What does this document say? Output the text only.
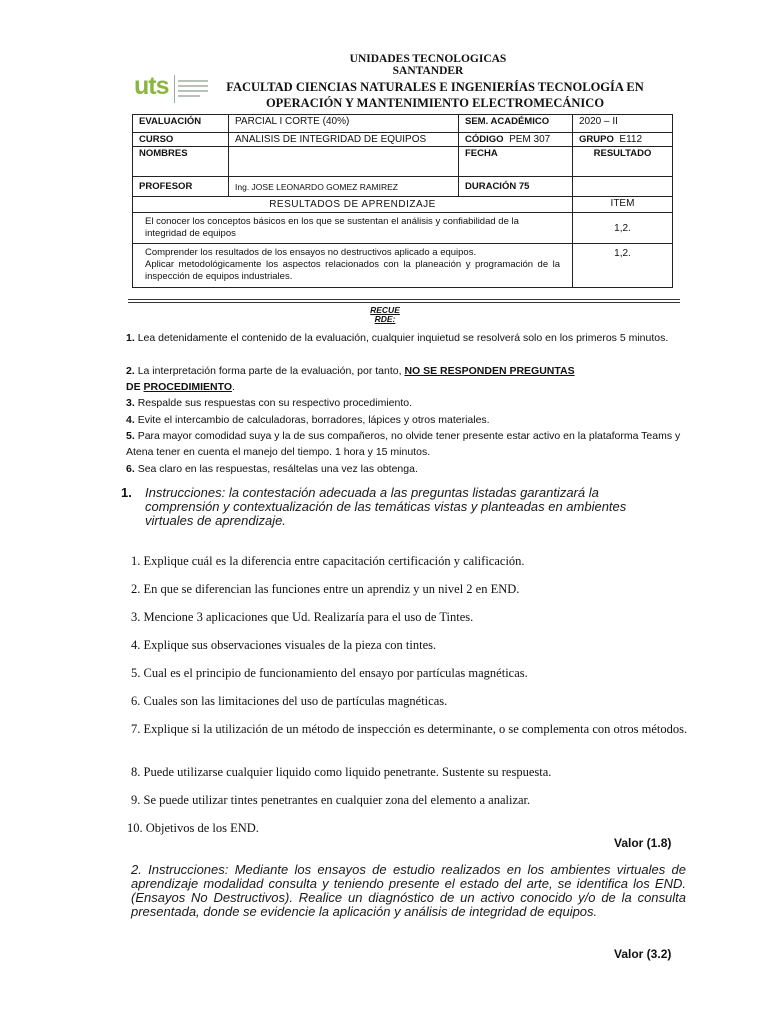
UNIDADES TECNOLOGICAS
SANTANDER
FACULTAD CIENCIAS NATURALES E INGENIERÍAS TECNOLOGÍA EN
OPERACIÓN Y MANTENIMIENTO ELECTROMECÁNICO
uts
EVALUACIÓN	PARCIAL I CORTE (40%)	SEM. ACADÉMICO	2020 – II
CURSO	ANALISIS DE INTEGRIDAD DE EQUIPOS	CÓDIGO PEM 307	GRUPO E112
NOMBRES		FECHA	RESULTADO
PROFESOR	Ing. JOSE LEONARDO GOMEZ RAMIREZ	DURACIÓN 75	
RESULTADOS DE APRENDIZAJE			ITEM
El conocer los conceptos básicos en los que se sustentan el análisis y confiabilidad de la integridad de equipos			1,2.

Comprender los resultados de los ensayos no destructivos aplicado a equipos.
Aplicar metodológicamente los aspectos relacionados con la planeación y programación de la inspección de equipos industriales.			1,2.
RECUE
RDE:
1. Lea detenidamente el contenido de la evaluación, cualquier inquietud se resolverá solo en los primeros 5 minutos.
2. La interpretación forma parte de la evaluación, por tanto, NO SE RESPONDEN PREGUNTAS
DE PROCEDIMIENTO.
3. Respalde sus respuestas con su respectivo procedimiento.
4. Evite el intercambio de calculadoras, borradores, lápices y otros materiales.
5. Para mayor comodidad suya y la de sus compañeros, no olvide tener presente estar activo en la plataforma Teams y Atena tener en cuenta el manejo del tiempo. 1 hora y 15 minutos.
6. Sea claro en las respuestas, resáltelas una vez las obtenga.
1. Instrucciones: la contestación adecuada a las preguntas listadas garantizará la comprensión y contextualización de las temáticas vistas y planteadas en ambientes virtuales de aprendizaje.
1. Explique cuál es la diferencia entre capacitación certificación y calificación.
2. En que se diferencian las funciones entre un aprendiz y un nivel 2 en END.
3. Mencione 3 aplicaciones que Ud. Realizaría para el uso de Tintes.
4. Explique sus observaciones visuales de la pieza con tintes.
5. Cual es el principio de funcionamiento del ensayo por partículas magnéticas.
6. Cuales son las limitaciones del uso de partículas magnéticas.
7. Explique si la utilización de un método de inspección es determinante, o se complementa con otros métodos.
8. Puede utilizarse cualquier liquido como liquido penetrante. Sustente su respuesta.
9. Se puede utilizar tintes penetrantes en cualquier zona del elemento a analizar.
10. Objetivos de los END.
Valor (1.8)
2. Instrucciones: Mediante los ensayos de estudio realizados en los ambientes virtuales de aprendizaje modalidad consulta y teniendo presente el estado del arte, se identifica los END. (Ensayos No Destructivos). Realice un diagnóstico de un activo conocido y/o de la consulta presentada, donde se evidencie la aplicación y análisis de integridad de equipos.
Valor (3.2)
